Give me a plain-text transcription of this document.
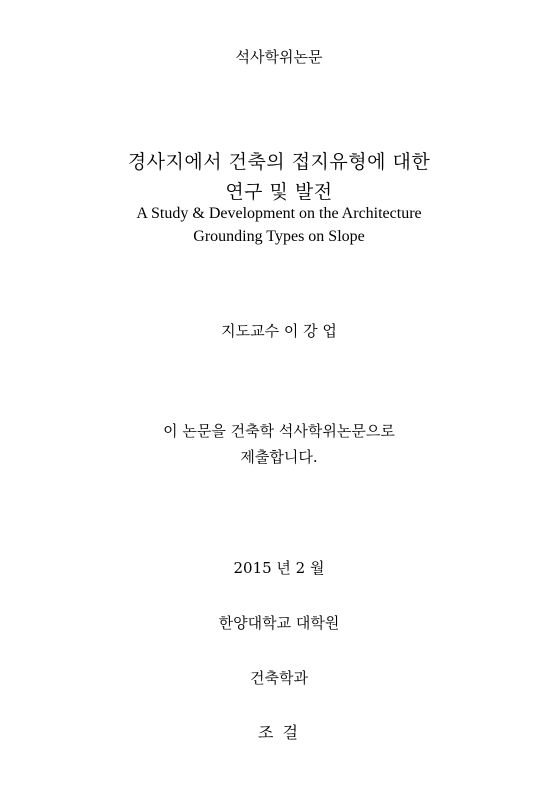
석사학위논문
경사지에서 건축의 접지유형에 대한
연구 및 발전
A Study & Development on the Architecture
Grounding Types on Slope
지도교수 이 강 업
이 논문을 건축학 석사학위논문으로
제출합니다.
2015 년 2 월
한양대학교 대학원
건축학과
조 걸
